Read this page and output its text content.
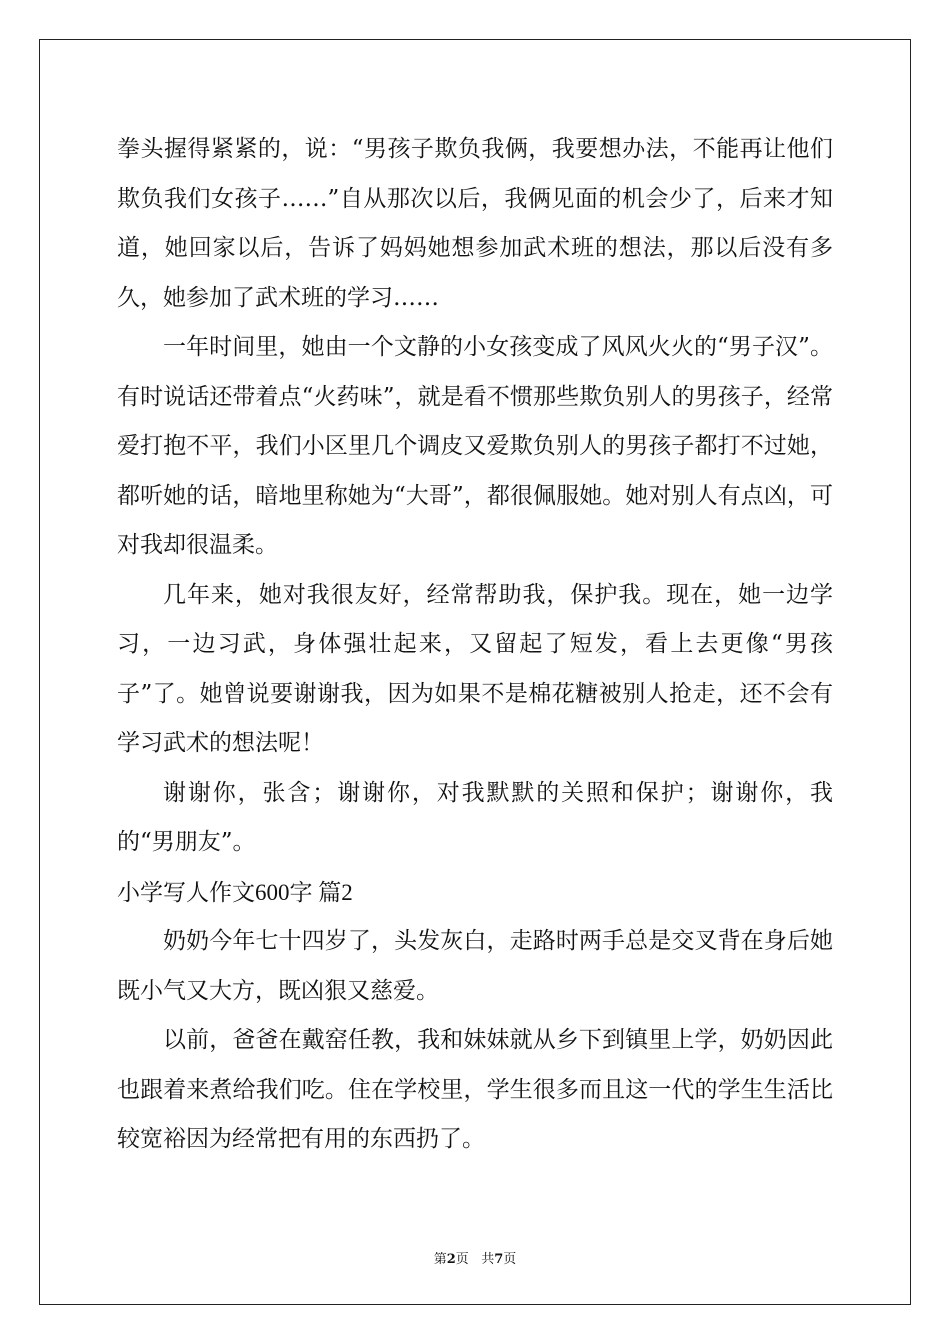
拳头握得紧紧的，说：“男孩子欺负我俩，我要想办法，不能再让他们欺负我们女孩子……”自从那次以后，我俩见面的机会少了，后来才知道，她回家以后，告诉了妈妈她想参加武术班的想法，那以后没有多久，她参加了武术班的学习……

一年时间里，她由一个文静的小女孩变成了风风火火的“男子汉”。有时说话还带着点“火药味”，就是看不惯那些欺负别人的男孩子，经常爱打抱不平，我们小区里几个调皮又爱欺负别人的男孩子都打不过她，都听她的话，暗地里称她为“大哥”，都很佩服她。她对别人有点凶，可对我却很温柔。

几年来，她对我很友好，经常帮助我，保护我。现在，她一边学习，一边习武，身体强壮起来，又留起了短发，看上去更像“男孩子”了。她曾说要谢谢我，因为如果不是棉花糖被别人抢走，还不会有学习武术的想法呢！

谢谢你，张含；谢谢你，对我默默的关照和保护；谢谢你，我的“男朋友”。

小学写人作文600字 篇2

奶奶今年七十四岁了，头发灰白，走路时两手总是交叉背在身后她既小气又大方，既凶狠又慈爱。

以前，爸爸在戴窑任教，我和妹妹就从乡下到镇里上学，奶奶因此也跟着来煮给我们吃。住在学校里，学生很多而且这一代的学生生活比较宽裕因为经常把有用的东西扔了。

第2页 共7页
